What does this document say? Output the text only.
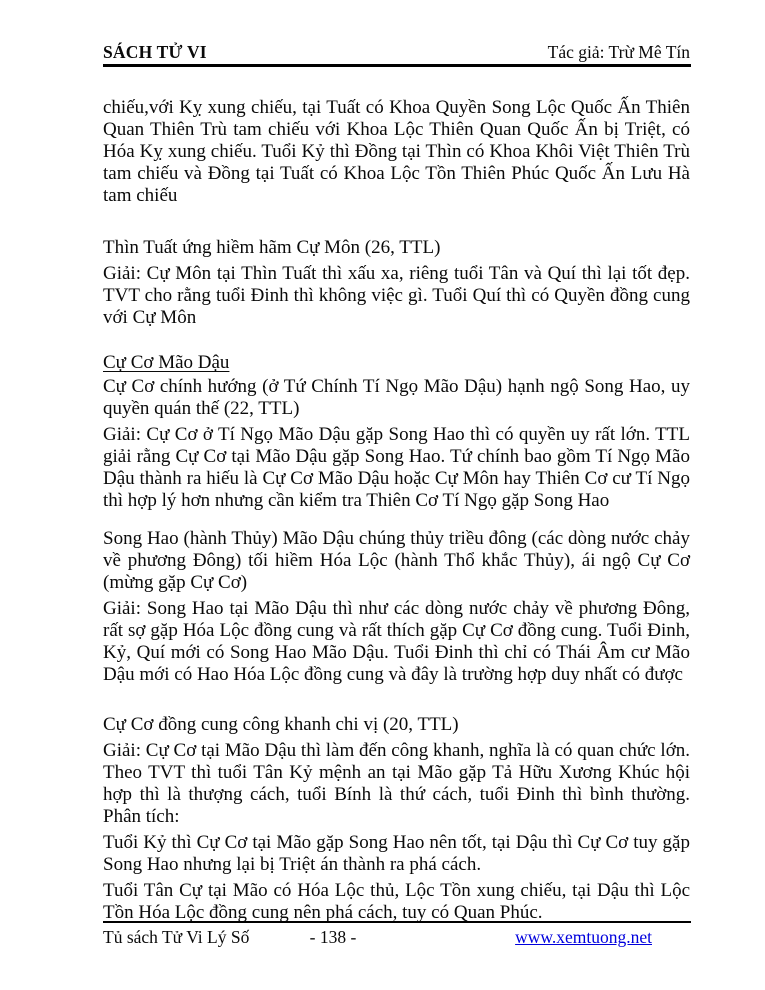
SÁCH TỬ VI	Tác giả: Trừ Mê Tín

chiếu,với Kỵ xung chiếu, tại Tuất có Khoa Quyền Song Lộc Quốc Ấn Thiên Quan Thiên Trù tam chiếu với Khoa Lộc Thiên Quan Quốc Ấn bị Triệt, có Hóa Kỵ xung chiếu. Tuổi Kỷ thì Đồng tại Thìn có Khoa Khôi Việt Thiên Trù tam chiếu và Đồng tại Tuất có Khoa Lộc Tồn Thiên Phúc Quốc Ấn Lưu Hà tam chiếu

Thìn Tuất ứng hiềm hãm Cự Môn (26, TTL)

Giải: Cự Môn tại Thìn Tuất thì xấu xa, riêng tuổi Tân và Quí thì lại tốt đẹp. TVT cho rằng tuổi Đinh thì không việc gì. Tuổi Quí thì có Quyền đồng cung với Cự Môn

Cự Cơ Mão Dậu

Cự Cơ chính hướng (ở Tứ Chính Tí Ngọ Mão Dậu) hạnh ngộ Song Hao, uy quyền quán thế (22, TTL)

Giải: Cự Cơ ở Tí Ngọ Mão Dậu gặp Song Hao thì có quyền uy rất lớn. TTL giải rằng Cự Cơ tại Mão Dậu gặp Song Hao. Tứ chính bao gồm Tí Ngọ Mão Dậu thành ra hiếu là Cự Cơ Mão Dậu hoặc Cự Môn hay Thiên Cơ cư Tí Ngọ thì hợp lý hơn nhưng cần kiểm tra Thiên Cơ Tí Ngọ gặp Song Hao

Song Hao (hành Thủy) Mão Dậu chúng thủy triều đông (các dòng nước chảy về phương Đông) tối hiềm Hóa Lộc (hành Thổ khắc Thủy), ái ngộ Cự Cơ (mừng gặp Cự Cơ)

Giải: Song Hao tại Mão Dậu thì như các dòng nước chảy về phương Đông, rất sợ gặp Hóa Lộc đồng cung và rất thích gặp Cự Cơ đồng cung. Tuổi Đinh, Kỷ, Quí mới có Song Hao Mão Dậu. Tuổi Đinh thì chỉ có Thái Âm cư Mão Dậu mới có Hao Hóa Lộc đồng cung và đây là trường hợp duy nhất có được

Cự Cơ đồng cung công khanh chi vị (20, TTL)

Giải: Cự Cơ tại Mão Dậu thì làm đến công khanh, nghĩa là có quan chức lớn. Theo TVT thì tuổi Tân Kỷ mệnh an tại Mão gặp Tả Hữu Xương Khúc hội hợp thì là thượng cách, tuổi Bính là thứ cách, tuổi Đinh thì bình thường. Phân tích:

Tuổi Kỷ thì Cự Cơ tại Mão gặp Song Hao nên tốt, tại Dậu thì Cự Cơ tuy gặp Song Hao nhưng lại bị Triệt án thành ra phá cách.

Tuổi Tân Cự tại Mão có Hóa Lộc thủ, Lộc Tồn xung chiếu, tại Dậu thì Lộc Tồn Hóa Lộc đồng cung nên phá cách, tuy có Quan Phúc.

Tủ sách Tử Vi Lý Số	- 138 -	www.xemtuong.net
